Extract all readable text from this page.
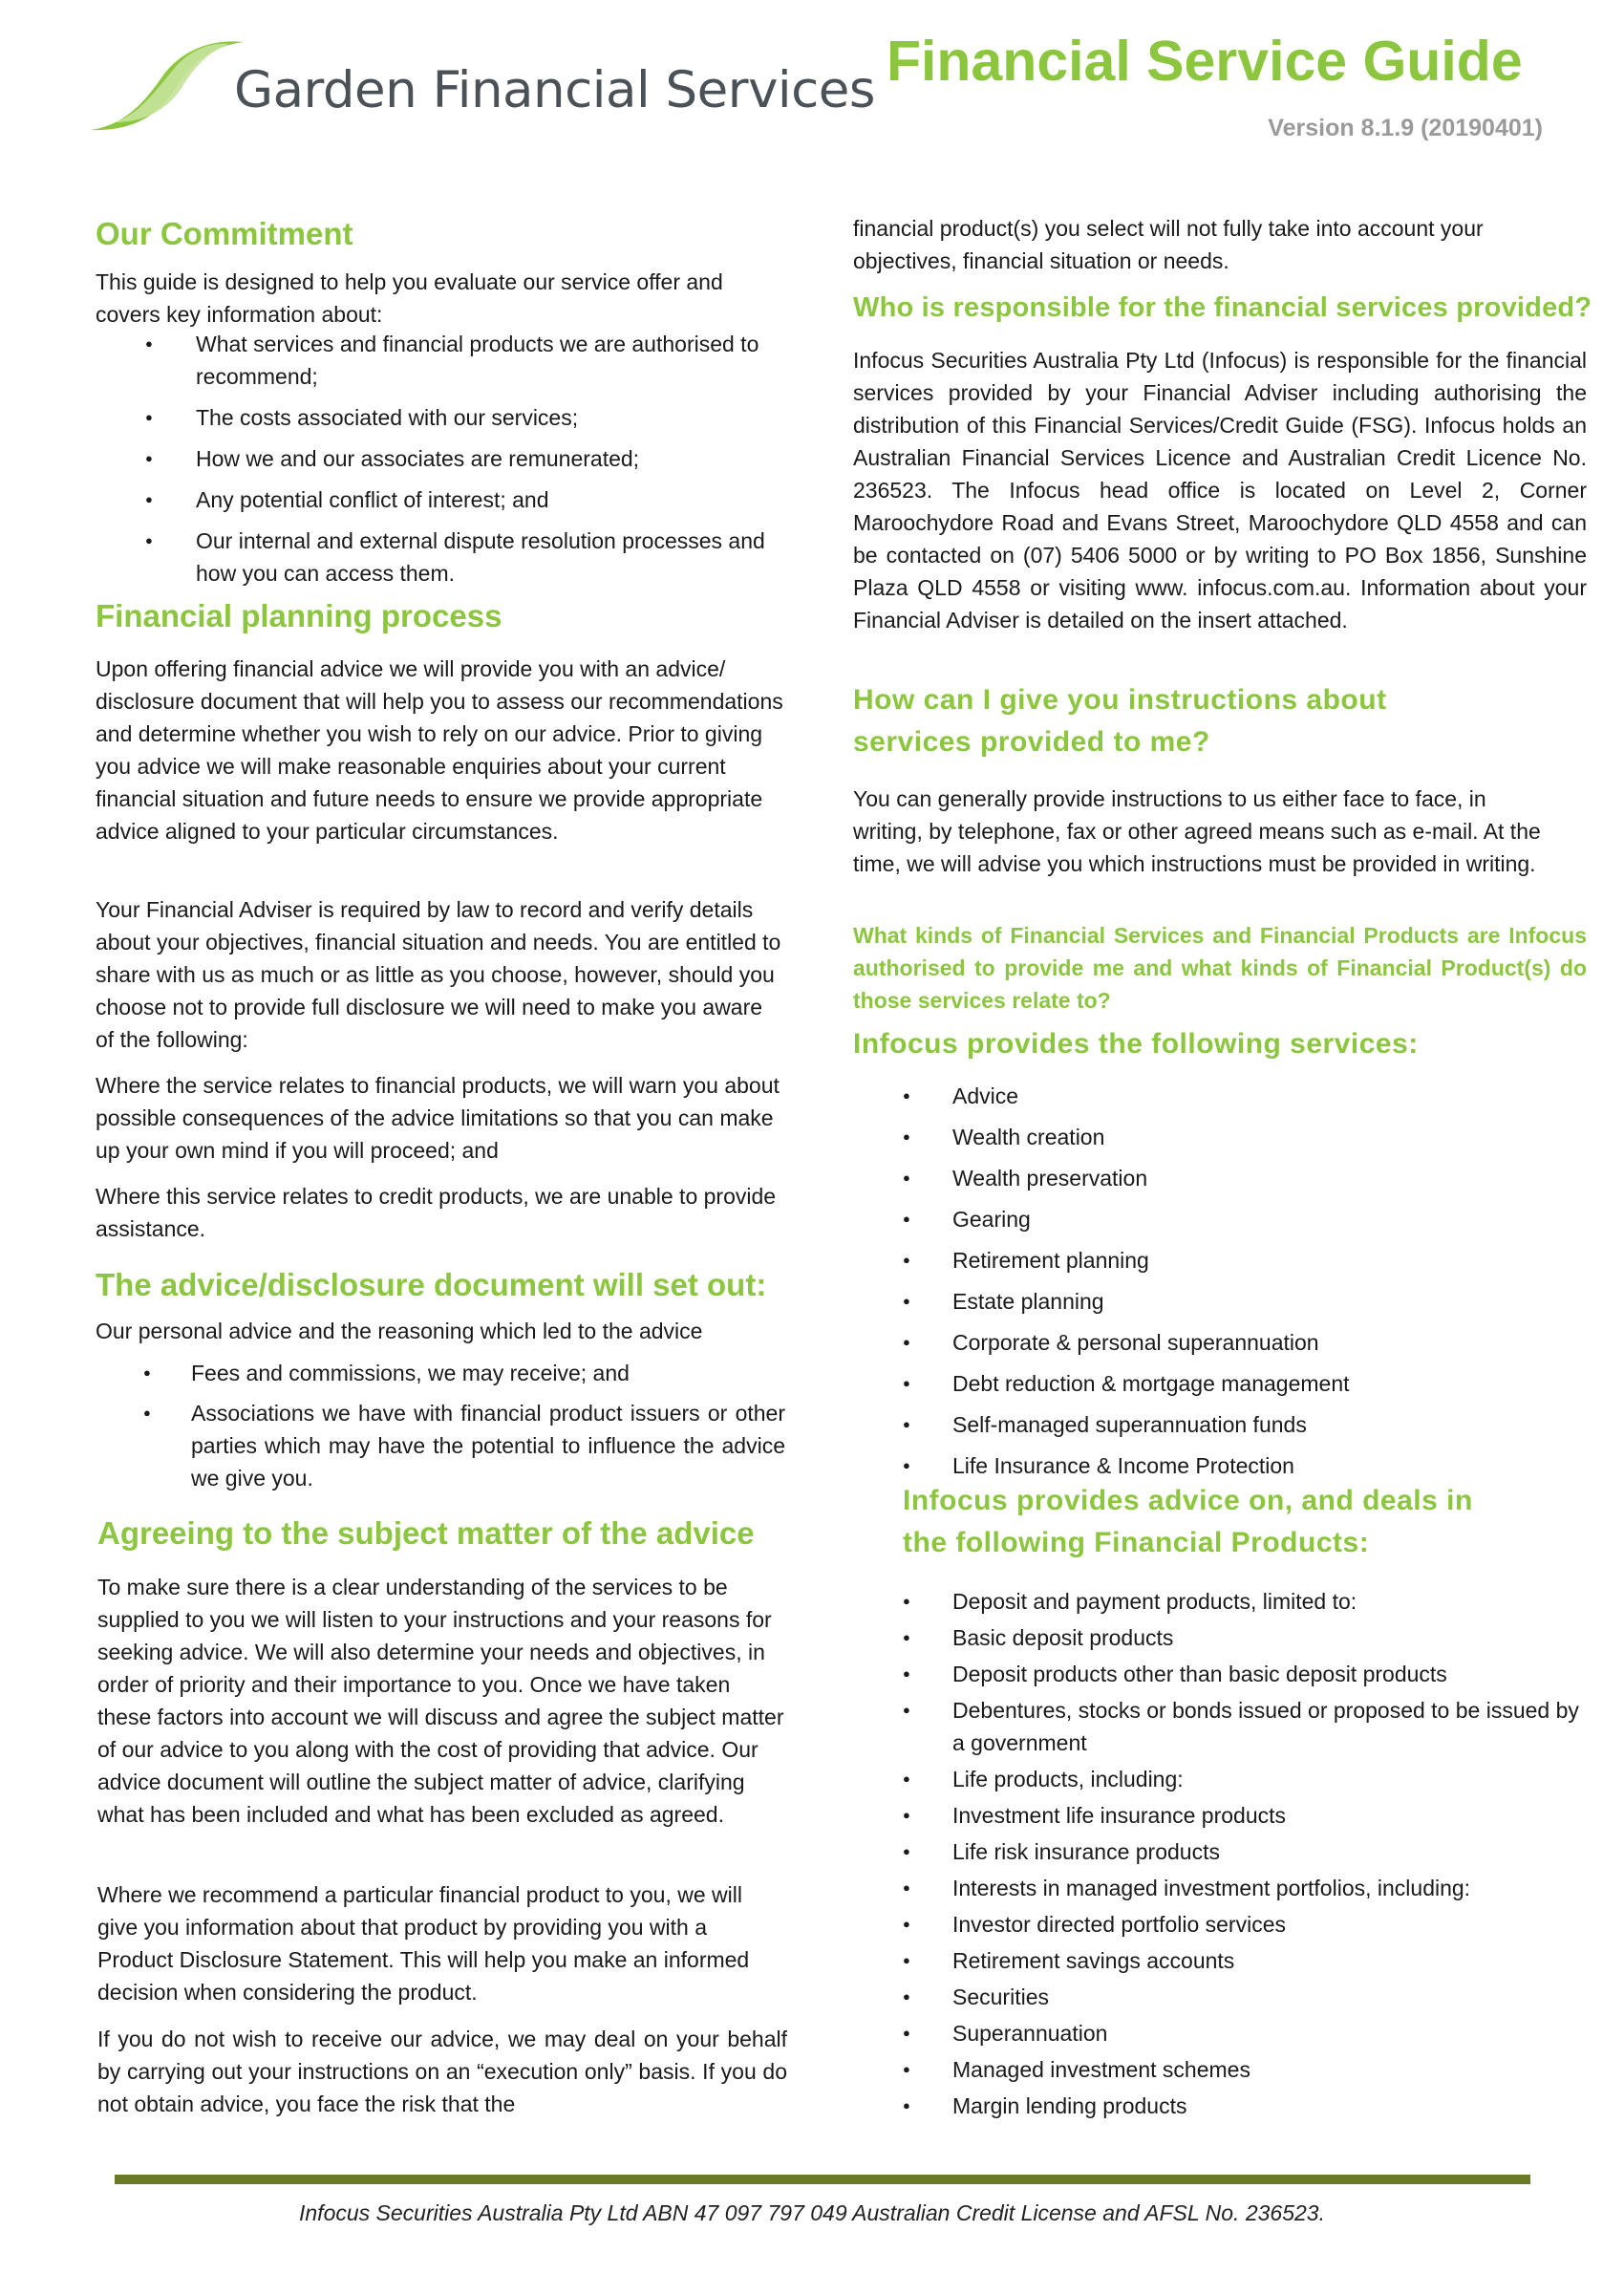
Garden Financial Services Financial Service Guide
Version 8.1.9 (20190401)
Our Commitment
This guide is designed to help you evaluate our service offer and covers key information about:
● What services and financial products we are authorised to recommend;
● The costs associated with our services;
● How we and our associates are remunerated;
● Any potential conflict of interest; and
● Our internal and external dispute resolution processes and how you can access them.
Financial planning process
Upon offering financial advice we will provide you with an advice/ disclosure document that will help you to assess our recommendations and determine whether you wish to rely on our advice. Prior to giving you advice we will make reasonable enquiries about your current financial situation and future needs to ensure we provide appropriate advice aligned to your particular circumstances.
Your Financial Adviser is required by law to record and verify details about your objectives, financial situation and needs. You are entitled to share with us as much or as little as you choose, however, should you choose not to provide full disclosure we will need to make you aware of the following:
Where the service relates to financial products, we will warn you about possible consequences of the advice limitations so that you can make up your own mind if you will proceed; and
Where this service relates to credit products, we are unable to provide assistance.
The advice/disclosure document will set out:
Our personal advice and the reasoning which led to the advice
● Fees and commissions, we may receive; and
● Associations we have with financial product issuers or other parties which may have the potential to influence the advice we give you.
Agreeing to the subject matter of the advice
To make sure there is a clear understanding of the services to be supplied to you we will listen to your instructions and your reasons for seeking advice. We will also determine your needs and objectives, in order of priority and their importance to you. Once we have taken these factors into account we will discuss and agree the subject matter of our advice to you along with the cost of providing that advice. Our advice document will outline the subject matter of advice, clarifying what has been included and what has been excluded as agreed.
Where we recommend a particular financial product to you, we will give you information about that product by providing you with a Product Disclosure Statement. This will help you make an informed decision when considering the product.
If you do not wish to receive our advice, we may deal on your behalf by carrying out your instructions on an “execution only” basis. If you do not obtain advice, you face the risk that the
financial product(s) you select will not fully take into account your objectives, financial situation or needs.
Who is responsible for the financial services provided?
Infocus Securities Australia Pty Ltd (Infocus) is responsible for the financial services provided by your Financial Adviser including authorising the distribution of this Financial Services/Credit Guide (FSG). Infocus holds an Australian Financial Services Licence and Australian Credit Licence No. 236523. The Infocus head office is located on Level 2, Corner Maroochydore Road and Evans Street, Maroochydore QLD 4558 and can be contacted on (07) 5406 5000 or by writing to PO Box 1856, Sunshine Plaza QLD 4558 or visiting www. infocus.com.au. Information about your Financial Adviser is detailed on the insert attached.
How can I give you instructions about
services provided to me?
You can generally provide instructions to us either face to face, in writing, by telephone, fax or other agreed means such as e-mail. At the time, we will advise you which instructions must be provided in writing.
What kinds of Financial Services and Financial Products are Infocus authorised to provide me and what kinds of Financial Product(s) do those services relate to?
Infocus provides the following services:
● Advice
● Wealth creation
● Wealth preservation
● Gearing
● Retirement planning
● Estate planning
● Corporate & personal superannuation
● Debt reduction & mortgage management
● Self-managed superannuation funds
● Life Insurance & Income Protection
Infocus provides advice on, and deals in
the following Financial Products:
● Deposit and payment products, limited to:
● Basic deposit products
● Deposit products other than basic deposit products
● Debentures, stocks or bonds issued or proposed to be issued by a government
● Life products, including:
● Investment life insurance products
● Life risk insurance products
● Interests in managed investment portfolios, including:
● Investor directed portfolio services
● Retirement savings accounts
● Securities
● Superannuation
● Managed investment schemes
● Margin lending products
Infocus Securities Australia Pty Ltd ABN 47 097 797 049 Australian Credit License and AFSL No. 236523.
